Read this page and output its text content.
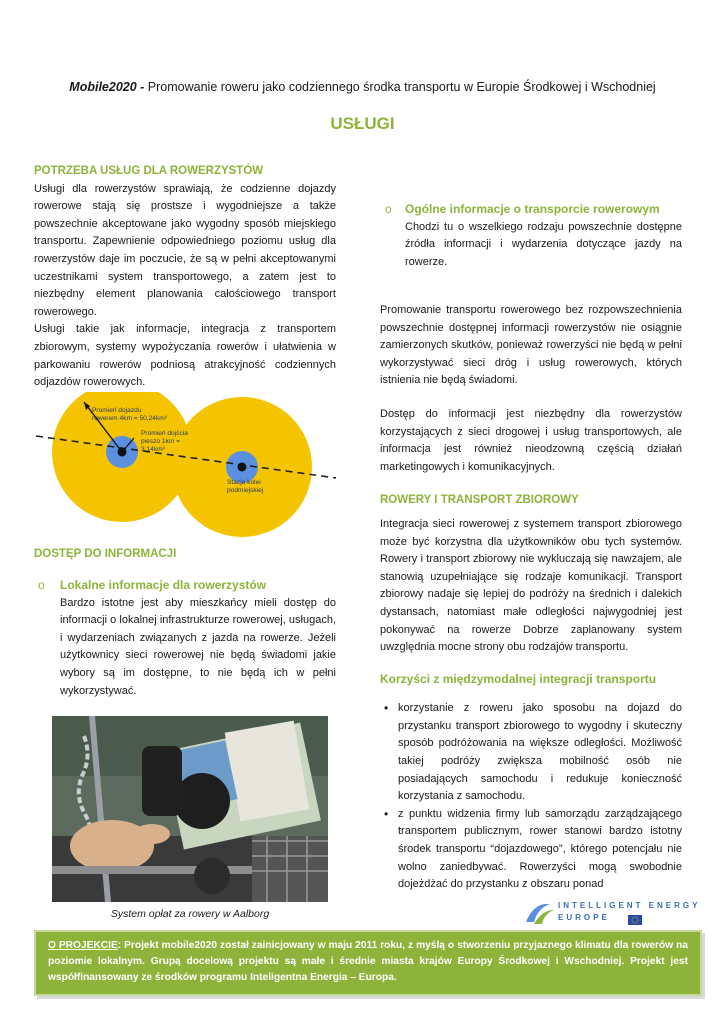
Mobile2020 - Promowanie roweru jako codziennego środka transportu w Europie Środkowej i Wschodniej
USŁUGI
POTRZEBA USŁUG DLA ROWERZYSTÓW

Usługi dla rowerzystów sprawiają, że codzienne dojazdy rowerowe stają się prostsze i wygodniejsze a także powszechnie akceptowane jako wygodny sposób miejskiego transportu. Zapewnienie odpowiedniego poziomu usług dla rowerzystów daje im poczucie, że są w pełni akceptowanymi uczestnikami system transportowego, a zatem jest to niezbędny element planowania całościowego transport rowerowego.

Usługi takie jak informacje, integracja z transportem zbiorowym, systemy wypożyczania rowerów i ułatwienia w parkowaniu rowerów podniosą atrakcyjność codziennych odjazdów rowerowych.

Promień dojazdu
rowerem 4km = 50,24km²
Promień dojścia
pieszo 1km =
3,14km²
Stacja kolei
podmiejskiej
DOSTĘP DO INFORMACJI
o Lokalne informacje dla rowerzystów

Bardzo istotne jest aby mieszkańcy mieli dostęp do informacji o lokalnej infrastrukturze rowerowej, usługach, i wydarzeniach związanych z jazda na rowerze. Jeżeli użytkownicy sieci rowerowej nie będą świadomi jakie wybory są im dostępne, to nie będą ich w pełni wykorzystywać.

System opłat za rowery w Aalborg
o Ogólne informacje o transporcie rowerowym

Chodzi tu o wszelkiego rodzaju powszechnie dostępne źródła informacji i wydarzenia dotyczące jazdy na rowerze.

Promowanie transportu rowerowego bez rozpowszechnienia powszechnie dostępnej informacji rowerzystów nie osiągnie zamierzonych skutków, ponieważ rowerzyści nie będą w pełni wykorzystywać sieci dróg i usług rowerowych, których istnienia nie będą świadomi.

Dostęp do informacji jest niezbędny dla rowerzystów korzystających z sieci drogowej i usług transportowych, ale informacja jest również nieodzowną częścią działań marketingowych i komunikacyjnych.

ROWERY I TRANSPORT ZBIOROWY

Integracja sieci rowerowej z systemem transport zbiorowego może być korzystna dla użytkowników obu tych systemów. Rowery i transport zbiorowy nie wykluczają się nawzajem, ale stanowią uzupełniające się rodzaje komunikacji. Transport zbiorowy nadaje się lepiej do podróży na średnich i dalekich dystansach, natomiast małe odległości najwygodniej jest pokonywać na rowerze Dobrze zaplanowany system uwzględnia mocne strony obu rodzajów transportu.

Korzyści z międzymodalnej integracji transportu
• korzystanie z roweru jako sposobu na dojazd do przystanku transport zbiorowego to wygodny i skuteczny sposób podróżowania na większe odległości. Możliwość takiej podróży zwiększa mobilność osób nie posiadających samochodu i redukuje konieczność korzystania z samochodu.
• z punktu widzenia firmy lub samorządu zarządzającego transportem publicznym, rower stanowi bardzo istotny środek transportu “dojazdowego”, którego potencjału nie wolno zaniedbywać. Rowerzyści mogą swobodnie dojeżdżać do przystanku z obszaru ponad
INTELLIGENT ENERGY
EUROPE
O PROJEKCIE: Projekt mobile2020 został zainicjowany w maju 2011 roku, z myślą o stworzeniu przyjaznego klimatu dla rowerów na poziomie lokalnym. Grupą docelową projektu są małe i średnie miasta krajów Europy Środkowej i Wschodniej. Projekt jest współfinansowany ze środków programu Inteligentna Energia – Europa.
